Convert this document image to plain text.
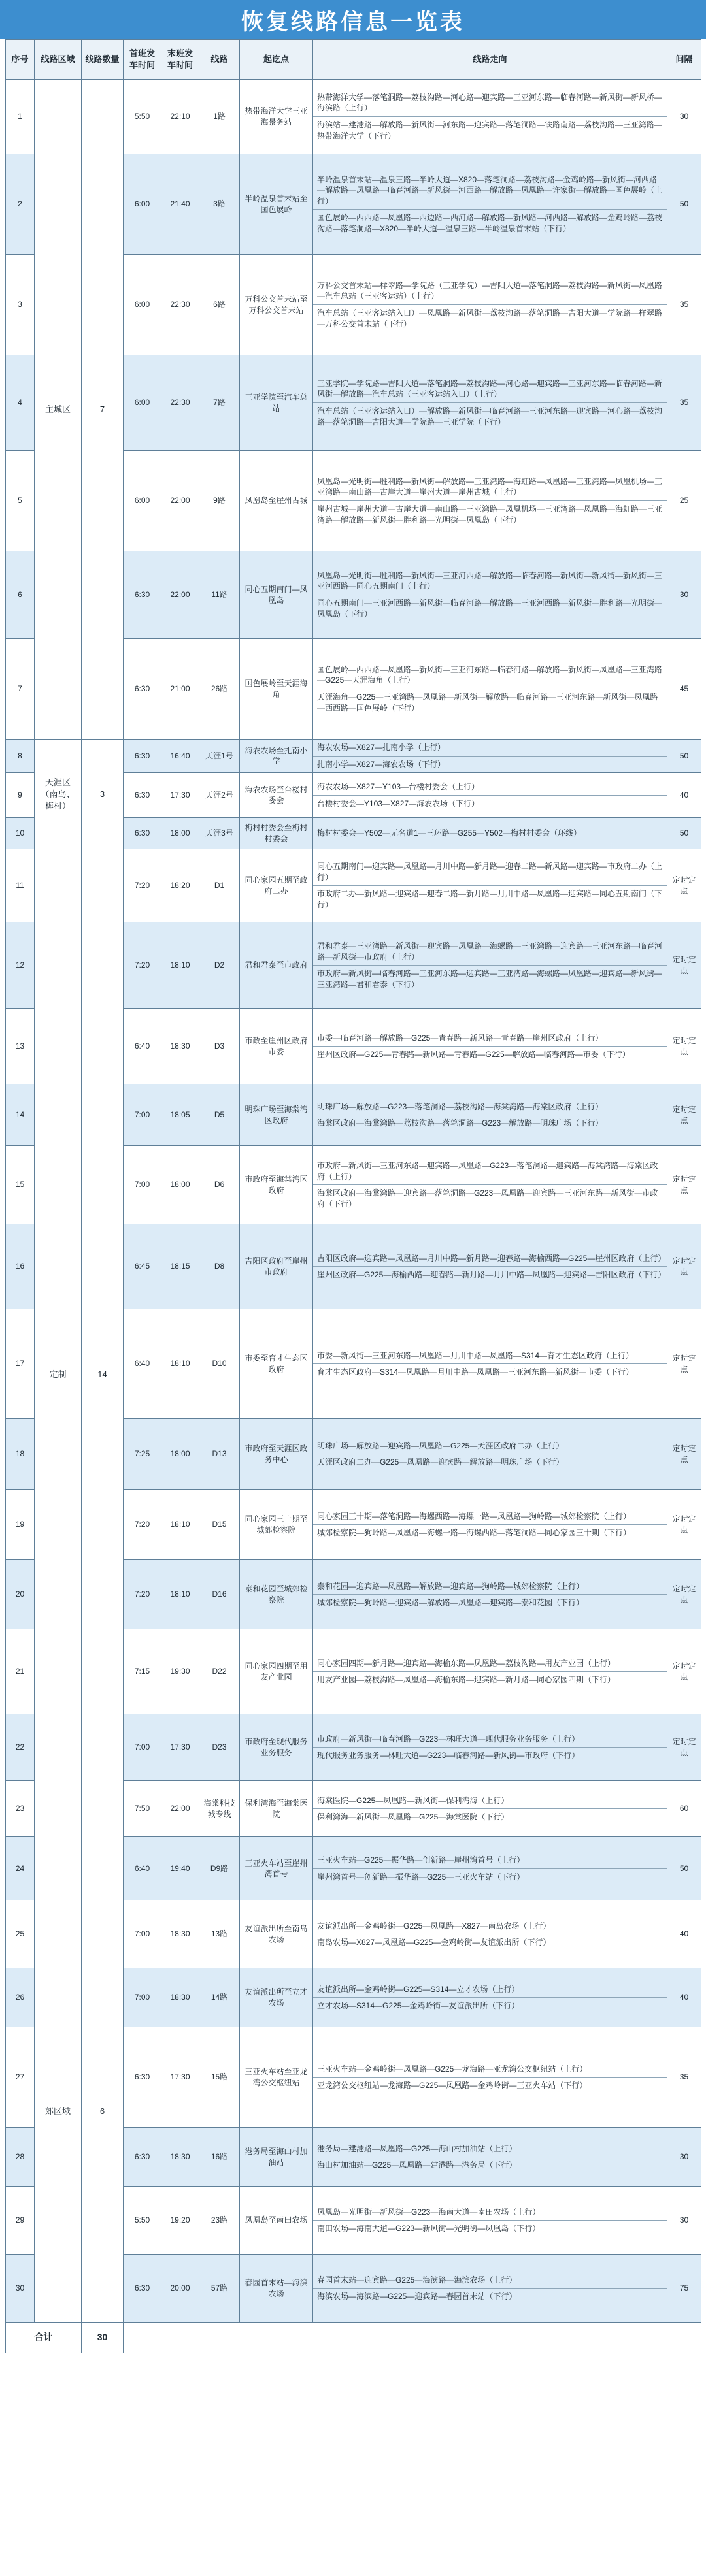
恢复线路信息一览表
序号	线路区域	线路数量	首班发车时间	末班发车时间	线路	起讫点	线路走向	间隔
1	主城区	7	5:50	22:10	1路	热带海洋大学三亚海景务站	热带海洋大学—落笔洞路—荔枝沟路—河心路—迎宾路—三亚河东路—临春河路—新风街—新风桥—海滨路（上行）
海滨站—建港路—解放路—新风街—河东路—迎宾路—落笔洞路—铁路南路—荔枝沟路—三亚湾路—热带海洋大学（下行）	30
2			6:00	21:40	3路	半岭温泉首末站至国色展岭	半岭温泉首末站—温泉三路—半岭大道—X820—落笔洞路—荔枝沟路—金鸡岭路—新风街—河西路—解放路—凤凰路—临春河路—新风街—河西路—解放路—凤凰路—许家街—解放路—国色展岭（上行）
国色展岭—西西路—凤凰路—西边路—西河路—解放路—新风路—河西路—解放路—金鸡岭路—荔枝沟路—落笔洞路—X820—半岭大道—温泉三路—半岭温泉首末站（下行）	50
3			6:00	22:30	6路	万科公交首末站至万科公交首末站	万科公交首末站—样翠路—学院路（三亚学院）—吉阳大道—落笔洞路—荔枝沟路—新风街—凤凰路—汽车总站（三亚客运站）（上行）
汽车总站（三亚客运站入口）—凤凰路—新风街—荔枝沟路—落笔洞路—吉阳大道—学院路—样翠路—万科公交首末站（下行）	35
4			6:00	22:30	7路	三亚学院至汽车总站	三亚学院—学院路—吉阳大道—落笔洞路—荔枝沟路—河心路—迎宾路—三亚河东路—临春河路—新风街—解放路—汽车总站（三亚客运站入口）（上行）
汽车总站（三亚客运站入口）—解放路—新风街—临春河路—三亚河东路—迎宾路—河心路—荔枝沟路—落笔洞路—吉阳大道—学院路—三亚学院（下行）	35
5			6:00	22:00	9路	凤凰岛至崖州古城	凤凰岛—光明街—胜利路—新风街—解放路—三亚湾路—海虹路—凤凰路—三亚湾路—凤凰机场—三亚湾路—南山路—古崖大道—崖州大道—崖州古城（上行）
崖州古城—崖州大道—古崖大道—南山路—三亚湾路—凤凰机场—三亚湾路—凤凰路—海虹路—三亚湾路—解放路—新风街—胜利路—光明街—凤凰岛（下行）	25
6			6:30	22:00	11路	同心五期南门—凤凰岛	凤凰岛—光明街—胜利路—新风街—三亚河西路—解放路—临春河路—新风街—新风街—新风街—三亚河西路—同心五期南门（上行）
同心五期南门—三亚河西路—新风街—临春河路—解放路—三亚河西路—新风街—胜利路—光明街—凤凰岛（下行）	30
7			6:30	21:00	26路	国色展岭至天涯海角	国色展岭—西西路—凤凰路—新风街—三亚河东路—临春河路—解放路—新风街—凤凰路—三亚湾路—G225—天涯海角（上行）
天涯海角—G225—三亚湾路—凤凰路—新风街—解放路—临春河路—三亚河东路—新风街—凤凰路—西西路—国色展岭（下行）	45
8	天涯区（南岛、梅村）	3	6:30	16:40	天涯1号	海农农场至扎南小学	海农农场—X827—扎南小学（上行）
扎南小学—X827—海农农场（下行）	50
9			6:30	17:30	天涯2号	海农农场至台楼村委会	海农农场—X827—Y103—台楼村委会（上行）
台楼村委会—Y103—X827—海农农场（下行）	40
10			6:30	18:00	天涯3号	梅村村委会至梅村村委会	梅村村委会—Y502—无名道1—三环路—G255—Y502—梅村村委会（环线）	50
11	定制	14	7:20	18:20	D1	同心家园五期至政府二办	同心五期南门—迎宾路—凤凰路—月川中路—新月路—迎春二路—新风路—迎宾路—市政府二办（上行）
市政府二办—新风路—迎宾路—迎春二路—新月路—月川中路—凤凰路—迎宾路—同心五期南门（下行）	定时定点
12			7:20	18:10	D2	君和君泰至市政府	君和君泰—三亚湾路—新风街—迎宾路—凤凰路—海螺路—三亚湾路—迎宾路—三亚河东路—临春河路—新风街—市政府（上行）
市政府—新风街—临春河路—三亚河东路—迎宾路—三亚湾路—海螺路—凤凰路—迎宾路—新风街—三亚湾路—君和君泰（下行）	定时定点
13			6:40	18:30	D3	市政至崖州区政府市委	市委—临春河路—解放路—G225—青春路—新风路—青春路—崖州区政府（上行）
崖州区政府—G225—青春路—新风路—青春路—G225—解放路—临春河路—市委（下行）	定时定点
14			7:00	18:05	D5	明珠广场至海棠湾区政府	明珠广场—解放路—G223—落笔洞路—荔枝沟路—海棠湾路—海棠区政府（上行）
海棠区政府—海棠湾路—荔枝沟路—落笔洞路—G223—解放路—明珠广场（下行）	定时定点
15			7:00	18:00	D6	市政府至海棠湾区政府	市政府—新风街—三亚河东路—迎宾路—凤凰路—G223—落笔洞路—迎宾路—海棠湾路—海棠区政府（上行）
海棠区政府—海棠湾路—迎宾路—落笔洞路—G223—凤凰路—迎宾路—三亚河东路—新风街—市政府（下行）	定时定点
16			6:45	18:15	D8	吉阳区政府至崖州市政府	吉阳区政府—迎宾路—凤凰路—月川中路—新月路—迎春路—海榆西路—G225—崖州区政府（上行）
崖州区政府—G225—海榆西路—迎春路—新月路—月川中路—凤凰路—迎宾路—吉阳区政府（下行）	定时定点
17			6:40	18:10	D10	市委至育才生态区政府	市委—新风街—三亚河东路—凤凰路—月川中路—凤凰路—S314—育才生态区政府（上行）
育才生态区政府—S314—凤凰路—月川中路—凤凰路—三亚河东路—新风街—市委（下行）	定时定点
18			7:25	18:00	D13	市政府至天涯区政务中心	明珠广场—解放路—迎宾路—凤凰路—G225—天涯区政府二办（上行）
天涯区政府二办—G225—凤凰路—迎宾路—解放路—明珠广场（下行）	定时定点
19			7:20	18:10	D15	同心家园三十期至城郊检察院	同心家园三十期—落笔洞路—海螺西路—海螺一路—凤凰路—狗岭路—城郊检察院（上行）
城郊检察院—狗岭路—凤凰路—海螺一路—海螺西路—落笔洞路—同心家园三十期（下行）	定时定点
20			7:20	18:10	D16	泰和花园至城郊检察院	泰和花园—迎宾路—凤凰路—解放路—迎宾路—狗岭路—城郊检察院（上行）
城郊检察院—狗岭路—迎宾路—解放路—凤凰路—迎宾路—泰和花园（下行）	定时定点
21			7:15	19:30	D22	同心家园四期至用友产业园	同心家园四期—新月路—迎宾路—海榆东路—凤凰路—荔枝沟路—用友产业园（上行）
用友产业园—荔枝沟路—凤凰路—海榆东路—迎宾路—新月路—同心家园四期（下行）	定时定点
22			7:00	17:30	D23	市政府至现代服务业务服务	市政府—新风街—临春河路—G223—林旺大道—现代服务业务服务（上行）
现代服务业务服务—林旺大道—G223—临春河路—新风街—市政府（下行）	定时定点
23			7:50	22:00	海棠科技城专线	保利湾海至海棠医院	海棠医院—G225—凤凰路—新风街—保利湾海（上行）
保利湾海—新风街—凤凰路—G225—海棠医院（下行）	60
24			6:40	19:40	D9路	三亚火车站至崖州湾首号	三亚火车站—G225—振华路—创新路—崖州湾首号（上行）
崖州湾首号—创新路—振华路—G225—三亚火车站（下行）	50
25	郊区域	6	7:00	18:30	13路	友谊派出所至南岛农场	友谊派出所—金鸡岭街—G225—凤凰路—X827—南岛农场（上行）
南岛农场—X827—凤凰路—G225—金鸡岭街—友谊派出所（下行）	40
26			7:00	18:30	14路	友谊派出所至立才农场	友谊派出所—金鸡岭街—G225—S314—立才农场（上行）
立才农场—S314—G225—金鸡岭街—友谊派出所（下行）	40
27			6:30	17:30	15路	三亚火车站至亚龙湾公交枢纽站	三亚火车站—金鸡岭街—凤凰路—G225—龙海路—亚龙湾公交枢纽站（上行）
亚龙湾公交枢纽站—龙海路—G225—凤凰路—金鸡岭街—三亚火车站（下行）	35
28			6:30	18:30	16路	港务局至海山村加油站	港务局—建港路—凤凰路—G225—海山村加油站（上行）
海山村加油站—G225—凤凰路—建港路—港务局（下行）	30
29			5:50	19:20	23路	凤凰岛至南田农场	凤凰岛—光明街—新风街—G223—海南大道—南田农场（上行）
南田农场—海南大道—G223—新风街—光明街—凤凰岛（下行）	30
30			6:30	20:00	57路	春园首末站—海滨农场	春园首末站—迎宾路—G225—海滨路—海滨农场（上行）
海滨农场—海滨路—G225—迎宾路—春园首末站（下行）	75
合计		30						
